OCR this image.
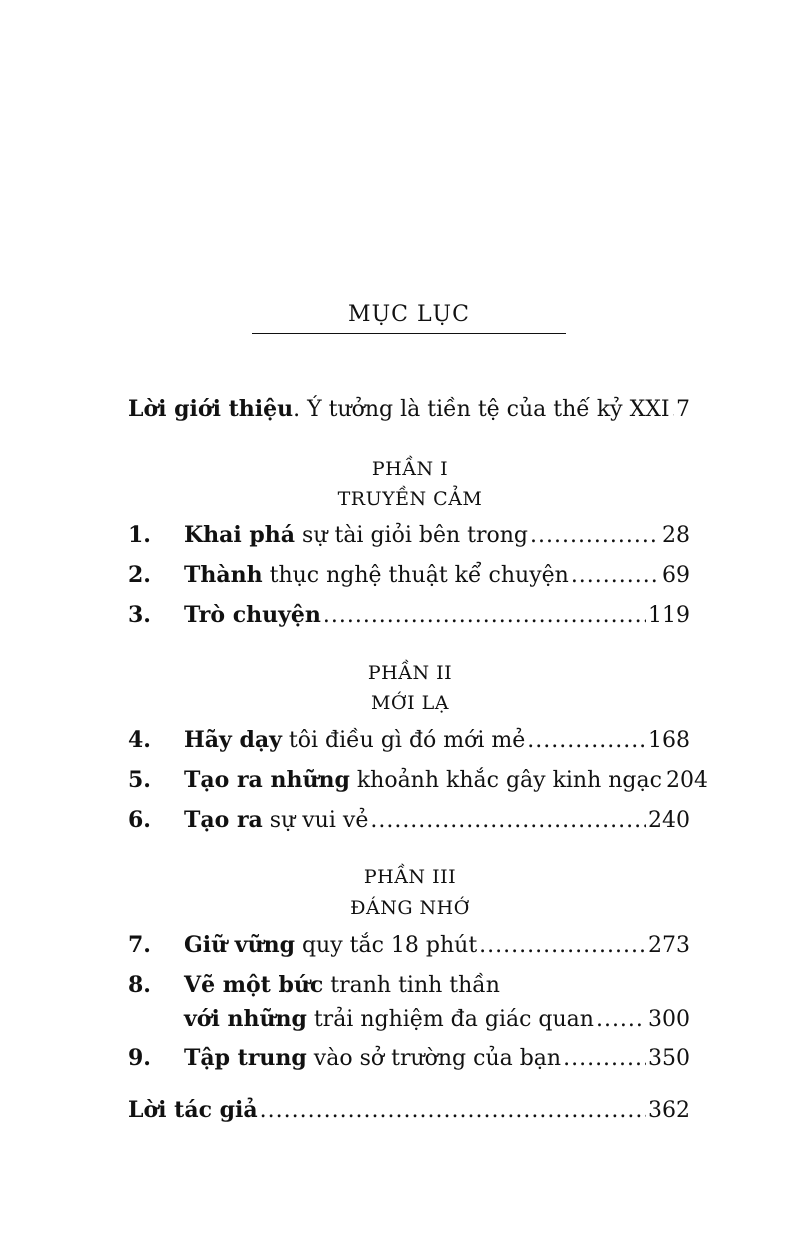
MỤC LỤC
Lời giới thiệu. Ý tưởng là tiền tệ của thế kỷ XXI ..... 7
PHẦN I
TRUYỀN CẢM
1.	Khai phá sự tài giỏi bên trong .....	28
2.	Thành thục nghệ thuật kể chuyện .....	69
3.	Trò chuyện .....	119
PHẦN II
MỚI LẠ
4.	Hãy dạy tôi điều gì đó mới mẻ .....	168
5.	Tạo ra những khoảnh khắc gây kinh ngạc 204
6.	Tạo ra sự vui vẻ .....	240
PHẦN III
ĐÁNG NHỚ
7.	Giữ vững quy tắc 18 phút .....	273
8.	Vẽ một bức tranh tinh thần
với những trải nghiệm đa giác quan ..... 300
9.	Tập trung vào sở trường của bạn .....	350
Lời tác giả .....	362
